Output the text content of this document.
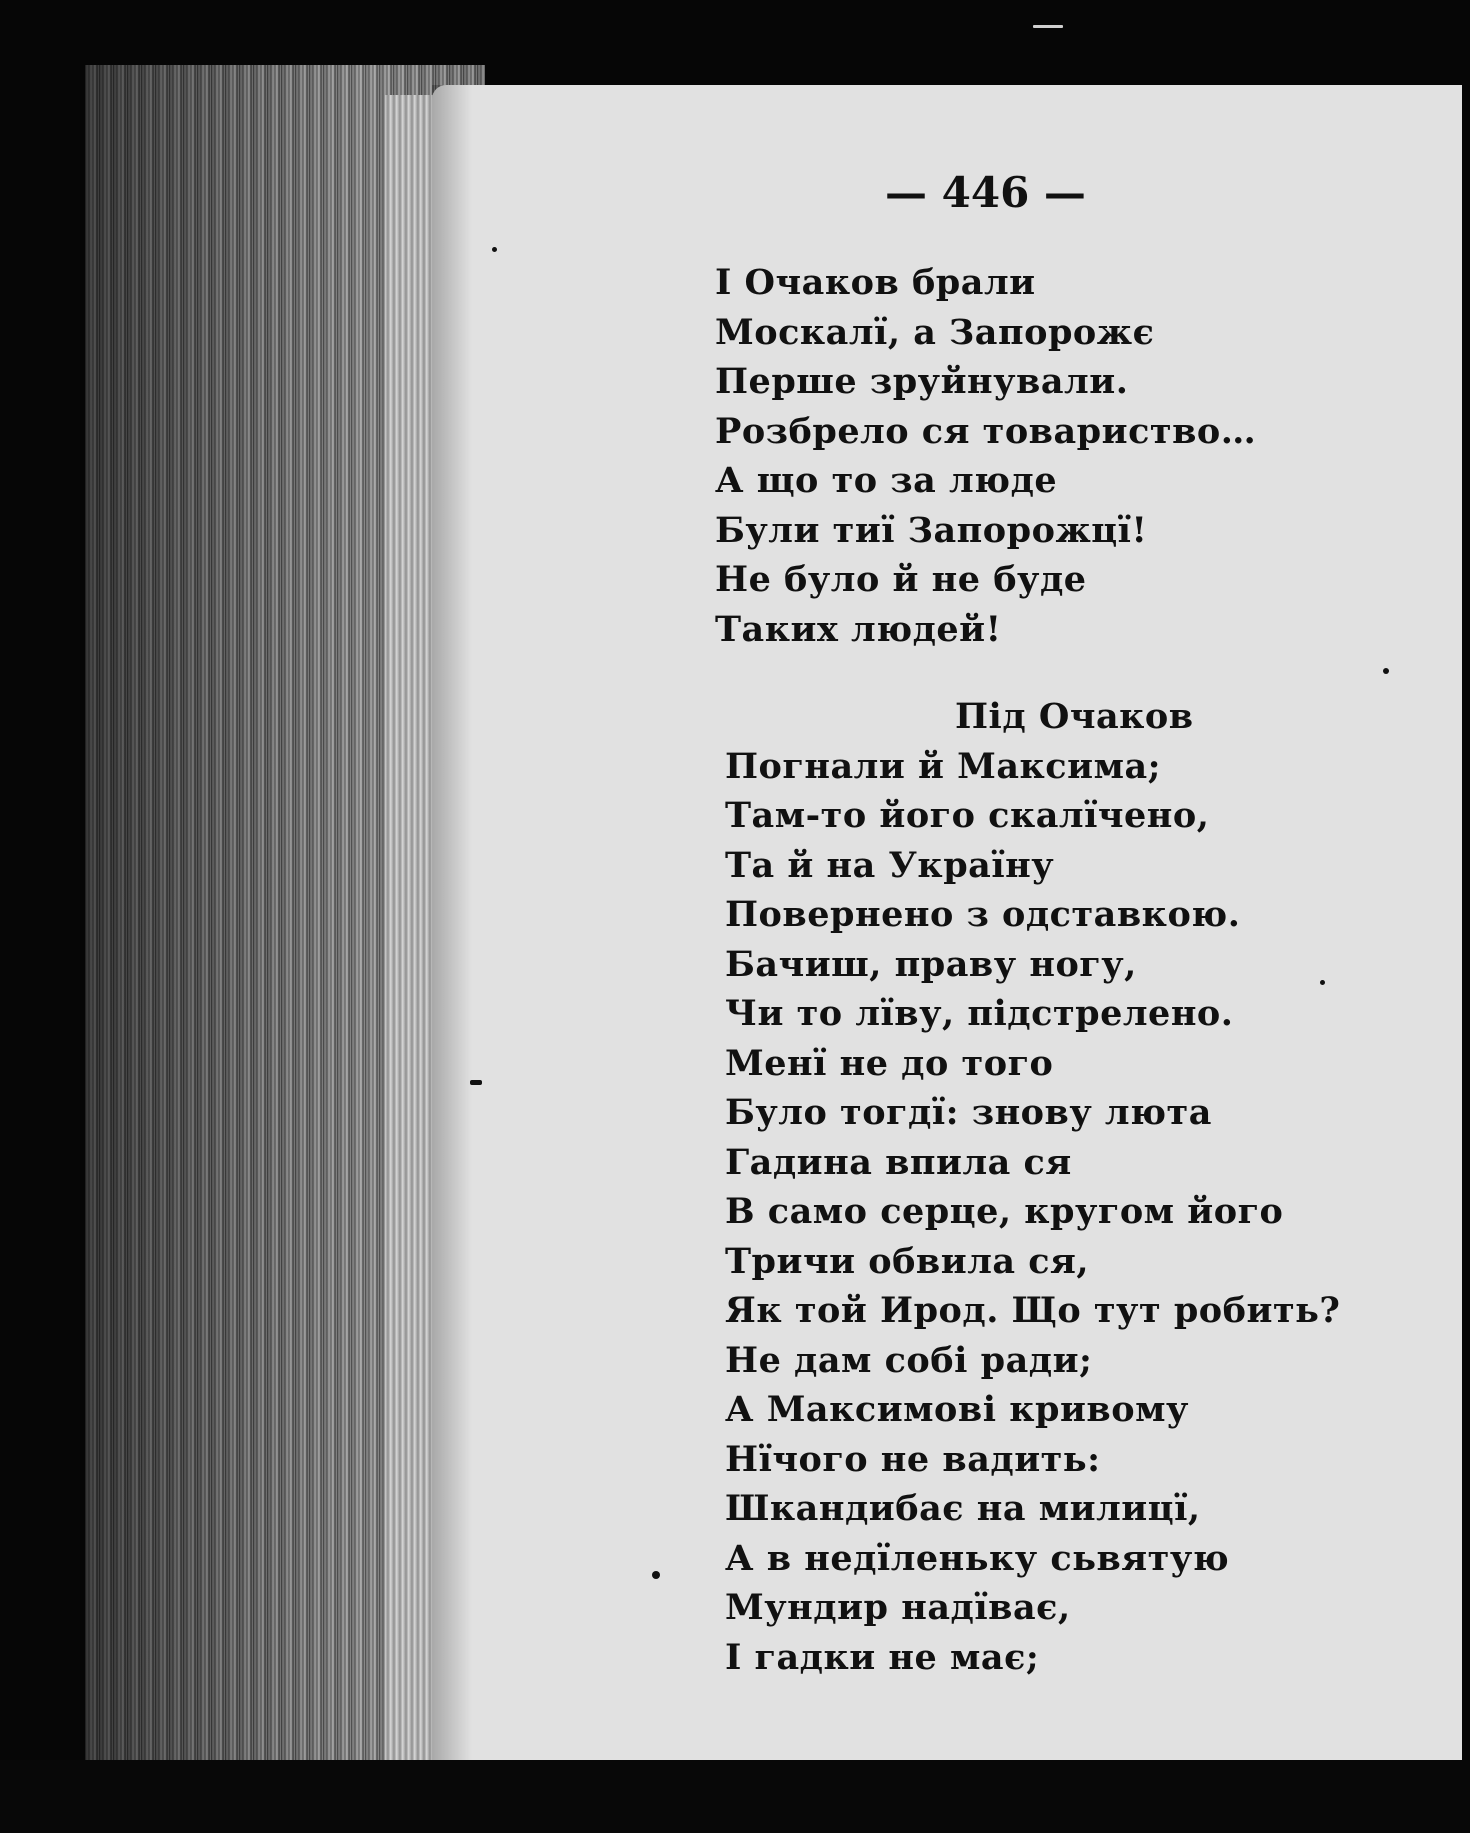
— 446 —
І Очаков брали
Москалї, а Запорожє
Перше зруйнували.
Розбрело ся товариство…
А що то за люде
Були тиї Запорожцї!
Не було й не буде
Таких людей!
Під Очаков
Погнали й Максима;
Там-то його скалїчено,
Та й на Україну
Повернено з одставкою.
Бачиш, праву ногу,
Чи то лїву, підстрелено.
Менї не до того
Було тогдї: знову люта
Гадина впила ся
В само серце, кругом його
Тричи обвила ся,
Як той Ирод. Що тут робить?
Не дам собі ради;
А Максимові кривому
Нїчого не вадить:
Шкандибає на милицї,
А в недїленьку сьвятую
Мундир надїває,
І гадки не має;
